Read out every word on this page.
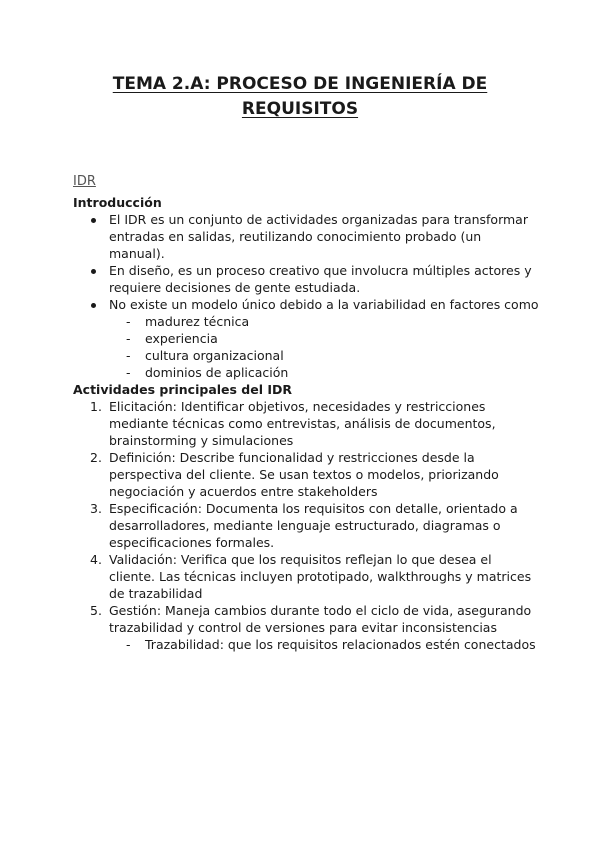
TEMA 2.A: PROCESO DE INGENIERÍA DE REQUISITOS

IDR

Introducción

El IDR es un conjunto de actividades organizadas para transformar entradas en salidas, reutilizando conocimiento probado (un manual).

En diseño, es un proceso creativo que involucra múltiples actores y requiere decisiones de gente estudiada.

No existe un modelo único debido a la variabilidad en factores como

- madurez técnica

- experiencia

- cultura organizacional

- dominios de aplicación

Actividades principales del IDR

1. Elicitación: Identificar objetivos, necesidades y restricciones mediante técnicas como entrevistas, análisis de documentos, brainstorming y simulaciones

2. Definición: Describe funcionalidad y restricciones desde la perspectiva del cliente. Se usan textos o modelos, priorizando negociación y acuerdos entre stakeholders

3. Especificación: Documenta los requisitos con detalle, orientado a desarrolladores, mediante lenguaje estructurado, diagramas o especificaciones formales.

4. Validación: Verifica que los requisitos reflejan lo que desea el cliente. Las técnicas incluyen prototipado, walkthroughs y matrices de trazabilidad

5. Gestión: Maneja cambios durante todo el ciclo de vida, asegurando trazabilidad y control de versiones para evitar inconsistencias

- Trazabilidad: que los requisitos relacionados estén conectados
